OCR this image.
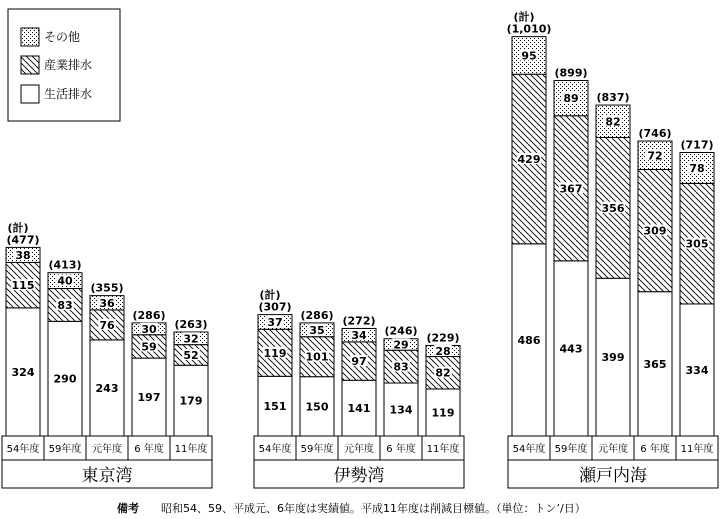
その他
産業排水
生活排水
東京湾
54年度
324
115
38
(477)
(計)
59年度
290
83
40
(413)
元年度
243
76
36
(355)
6 年度
197
59
30
(286)
11年度
179
52
32
(263)
伊勢湾
54年度
151
119
37
(307)
(計)
59年度
150
101
35
(286)
元年度
141
97
34
(272)
6 年度
134
83
29
(246)
11年度
119
82
28
(229)
瀬戸内海
54年度
486
429
95
(1,010)
(計)
59年度
443
367
89
(899)
元年度
399
356
82
(837)
6 年度
365
309
72
(746)
11年度
334
305
78
(717)
備考 昭和54、59、平成元、6年度は実績値。平成11年度は削減目標値。（単位：トン’/日）
